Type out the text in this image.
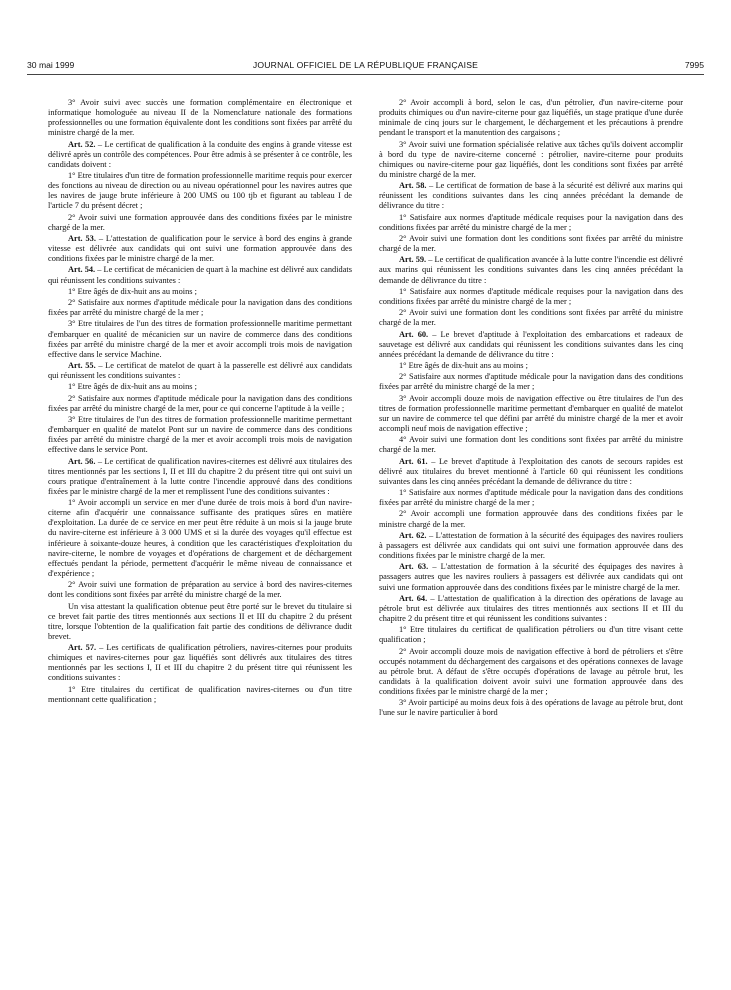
30 mai 1999	JOURNAL OFFICIEL DE LA RÉPUBLIQUE FRANÇAISE	7995

3° Avoir suivi avec succès une formation complémentaire en électronique et informatique homologuée au niveau II de la Nomenclature nationale des formations professionnelles ou une formation équivalente dont les conditions sont fixées par arrêté du ministre chargé de la mer.

Art. 52. – Le certificat de qualification à la conduite des engins à grande vitesse est délivré après un contrôle des compétences. Pour être admis à se présenter à ce contrôle, les candidats doivent :

1° Etre titulaires d'un titre de formation professionnelle maritime requis pour exercer des fonctions au niveau de direction ou au niveau opérationnel pour les navires autres que les navires de jauge brute inférieure à 200 UMS ou 100 tjb et figurant au tableau I de l'article 7 du présent décret ;

2° Avoir suivi une formation approuvée dans des conditions fixées par le ministre chargé de la mer.

Art. 53. – L'attestation de qualification pour le service à bord des engins à grande vitesse est délivrée aux candidats qui ont suivi une formation approuvée dans des conditions fixées par le ministre chargé de la mer.

Art. 54. – Le certificat de mécanicien de quart à la machine est délivré aux candidats qui réunissent les conditions suivantes :

1° Etre âgés de dix-huit ans au moins ;

2° Satisfaire aux normes d'aptitude médicale pour la navigation dans des conditions fixées par arrêté du ministre chargé de la mer ;

3° Etre titulaires de l'un des titres de formation professionnelle maritime permettant d'embarquer en qualité de mécanicien sur un navire de commerce dans des conditions fixées par arrêté du ministre chargé de la mer et avoir accompli trois mois de navigation effective dans le service Machine.

Art. 55. – Le certificat de matelot de quart à la passerelle est délivré aux candidats qui réunissent les conditions suivantes :

1° Etre âgés de dix-huit ans au moins ;

2° Satisfaire aux normes d'aptitude médicale pour la navigation dans des conditions fixées par arrêté du ministre chargé de la mer, pour ce qui concerne l'aptitude à la veille ;

3° Etre titulaires de l'un des titres de formation professionnelle maritime permettant d'embarquer en qualité de matelot Pont sur un navire de commerce dans des conditions fixées par arrêté du ministre chargé de la mer et avoir accompli trois mois de navigation effective dans le service Pont.

Art. 56. – Le certificat de qualification navires-citernes est délivré aux titulaires des titres mentionnés par les sections I, II et III du chapitre 2 du présent titre qui ont suivi un cours pratique d'entraînement à la lutte contre l'incendie approuvé dans des conditions fixées par le ministre chargé de la mer et remplissent l'une des conditions suivantes :

1° Avoir accompli un service en mer d'une durée de trois mois à bord d'un navire-citerne afin d'acquérir une connaissance suffisante des pratiques sûres en matière d'exploitation. La durée de ce service en mer peut être réduite à un mois si la jauge brute du navire-citerne est inférieure à 3 000 UMS et si la durée des voyages qu'il effectue est inférieure à soixante-douze heures, à condition que les caractéristiques d'exploitation du navire-citerne, le nombre de voyages et d'opérations de chargement et de déchargement effectués pendant la période, permettent d'acquérir le même niveau de connaissance et d'expérience ;

2° Avoir suivi une formation de préparation au service à bord des navires-citernes dont les conditions sont fixées par arrêté du ministre chargé de la mer.

Un visa attestant la qualification obtenue peut être porté sur le brevet du titulaire si ce brevet fait partie des titres mentionnés aux sections II et III du chapitre 2 du présent titre, lorsque l'obtention de la qualification fait partie des conditions de délivrance dudit brevet.

Art. 57. – Les certificats de qualification pétroliers, navires-citernes pour produits chimiques et navires-citernes pour gaz liquéfiés sont délivrés aux titulaires des titres mentionnés par les sections I, II et III du chapitre 2 du présent titre qui réunissent les conditions suivantes :

1° Etre titulaires du certificat de qualification navires-citernes ou d'un titre mentionnant cette qualification ;

2° Avoir accompli à bord, selon le cas, d'un pétrolier, d'un navire-citerne pour produits chimiques ou d'un navire-citerne pour gaz liquéfiés, un stage pratique d'une durée minimale de cinq jours sur le chargement, le déchargement et les précautions à prendre pendant le transport et la manutention des cargaisons ;

3° Avoir suivi une formation spécialisée relative aux tâches qu'ils doivent accomplir à bord du type de navire-citerne concerné : pétrolier, navire-citerne pour produits chimiques ou navire-citerne pour gaz liquéfiés, dont les conditions sont fixées par arrêté du ministre chargé de la mer.

Art. 58. – Le certificat de formation de base à la sécurité est délivré aux marins qui réunissent les conditions suivantes dans les cinq années précédant la demande de délivrance du titre :

1° Satisfaire aux normes d'aptitude médicale requises pour la navigation dans des conditions fixées par arrêté du ministre chargé de la mer ;

2° Avoir suivi une formation dont les conditions sont fixées par arrêté du ministre chargé de la mer.

Art. 59. – Le certificat de qualification avancée à la lutte contre l'incendie est délivré aux marins qui réunissent les conditions suivantes dans les cinq années précédant la demande de délivrance du titre :

1° Satisfaire aux normes d'aptitude médicale requises pour la navigation dans des conditions fixées par arrêté du ministre chargé de la mer ;

2° Avoir suivi une formation dont les conditions sont fixées par arrêté du ministre chargé de la mer.

Art. 60. – Le brevet d'aptitude à l'exploitation des embarcations et radeaux de sauvetage est délivré aux candidats qui réunissent les conditions suivantes dans les cinq années précédant la demande de délivrance du titre :

1° Etre âgés de dix-huit ans au moins ;

2° Satisfaire aux normes d'aptitude médicale pour la navigation dans des conditions fixées par arrêté du ministre chargé de la mer ;

3° Avoir accompli douze mois de navigation effective ou être titulaires de l'un des titres de formation professionnelle maritime permettant d'embarquer en qualité de matelot sur un navire de commerce tel que défini par arrêté du ministre chargé de la mer et avoir accompli neuf mois de navigation effective ;

4° Avoir suivi une formation dont les conditions sont fixées par arrêté du ministre chargé de la mer.

Art. 61. – Le brevet d'aptitude à l'exploitation des canots de secours rapides est délivré aux titulaires du brevet mentionné à l'article 60 qui réunissent les conditions suivantes dans les cinq années précédant la demande de délivrance du titre :

1° Satisfaire aux normes d'aptitude médicale pour la navigation dans des conditions fixées par arrêté du ministre chargé de la mer ;

2° Avoir accompli une formation approuvée dans des conditions fixées par le ministre chargé de la mer.

Art. 62. – L'attestation de formation à la sécurité des équipages des navires rouliers à passagers est délivrée aux candidats qui ont suivi une formation approuvée dans des conditions fixées par le ministre chargé de la mer.

Art. 63. – L'attestation de formation à la sécurité des équipages des navires à passagers autres que les navires rouliers à passagers est délivrée aux candidats qui ont suivi une formation approuvée dans des conditions fixées par le ministre chargé de la mer.

Art. 64. – L'attestation de qualification à la direction des opérations de lavage au pétrole brut est délivrée aux titulaires des titres mentionnés aux sections II et III du chapitre 2 du présent titre et qui réunissent les conditions suivantes :

1° Etre titulaires du certificat de qualification pétroliers ou d'un titre visant cette qualification ;

2° Avoir accompli douze mois de navigation effective à bord de pétroliers et s'être occupés notamment du déchargement des cargaisons et des opérations connexes de lavage au pétrole brut. A défaut de s'être occupés d'opérations de lavage au pétrole brut, les candidats à la qualification doivent avoir suivi une formation approuvée dans des conditions fixées par le ministre chargé de la mer ;

3° Avoir participé au moins deux fois à des opérations de lavage au pétrole brut, dont l'une sur le navire particulier à bord
